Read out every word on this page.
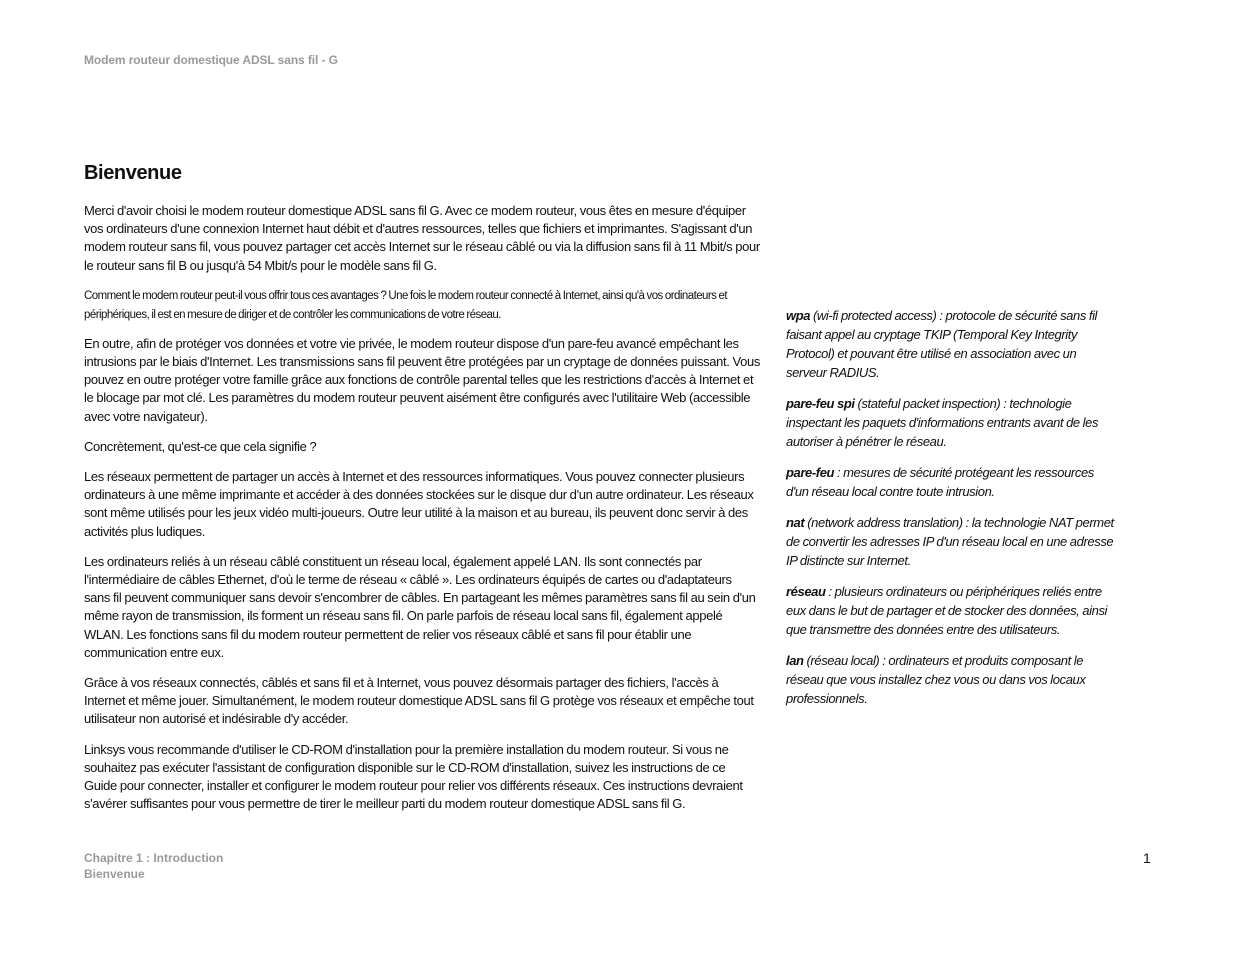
Modem routeur domestique ADSL sans fil - G
Bienvenue

Merci d'avoir choisi le modem routeur domestique ADSL sans fil G. Avec ce modem routeur, vous êtes en mesure d'équiper vos ordinateurs d'une connexion Internet haut débit et d'autres ressources, telles que fichiers et imprimantes. S'agissant d'un modem routeur sans fil, vous pouvez partager cet accès Internet sur le réseau câblé ou via la diffusion sans fil à 11 Mbit/s pour le routeur sans fil B ou jusqu'à 54 Mbit/s pour le modèle sans fil G.

Comment le modem routeur peut-il vous offrir tous ces avantages ? Une fois le modem routeur connecté à Internet, ainsi qu'à vos ordinateurs et périphériques, il est en mesure de diriger et de contrôler les communications de votre réseau.

En outre, afin de protéger vos données et votre vie privée, le modem routeur dispose d'un pare-feu avancé empêchant les intrusions par le biais d'Internet. Les transmissions sans fil peuvent être protégées par un cryptage de données puissant. Vous pouvez en outre protéger votre famille grâce aux fonctions de contrôle parental telles que les restrictions d'accès à Internet et le blocage par mot clé. Les paramètres du modem routeur peuvent aisément être configurés avec l'utilitaire Web (accessible avec votre navigateur).

Concrètement, qu'est-ce que cela signifie ?

Les réseaux permettent de partager un accès à Internet et des ressources informatiques. Vous pouvez connecter plusieurs ordinateurs à une même imprimante et accéder à des données stockées sur le disque dur d'un autre ordinateur. Les réseaux sont même utilisés pour les jeux vidéo multi-joueurs. Outre leur utilité à la maison et au bureau, ils peuvent donc servir à des activités plus ludiques.

Les ordinateurs reliés à un réseau câblé constituent un réseau local, également appelé LAN. Ils sont connectés par l'intermédiaire de câbles Ethernet, d'où le terme de réseau « câblé ». Les ordinateurs équipés de cartes ou d'adaptateurs sans fil peuvent communiquer sans devoir s'encombrer de câbles. En partageant les mêmes paramètres sans fil au sein d'un même rayon de transmission, ils forment un réseau sans fil. On parle parfois de réseau local sans fil, également appelé WLAN. Les fonctions sans fil du modem routeur permettent de relier vos réseaux câblé et sans fil pour établir une communication entre eux.

Grâce à vos réseaux connectés, câblés et sans fil et à Internet, vous pouvez désormais partager des fichiers, l'accès à Internet et même jouer. Simultanément, le modem routeur domestique ADSL sans fil G protège vos réseaux et empêche tout utilisateur non autorisé et indésirable d'y accéder.

Linksys vous recommande d'utiliser le CD-ROM d'installation pour la première installation du modem routeur. Si vous ne souhaitez pas exécuter l'assistant de configuration disponible sur le CD-ROM d'installation, suivez les instructions de ce Guide pour connecter, installer et configurer le modem routeur pour relier vos différents réseaux. Ces instructions devraient s'avérer suffisantes pour vous permettre de tirer le meilleur parti du modem routeur domestique ADSL sans fil G.

wpa (wi-fi protected access) : protocole de sécurité sans fil faisant appel au cryptage TKIP (Temporal Key Integrity Protocol) et pouvant être utilisé en association avec un serveur RADIUS.

pare-feu spi (stateful packet inspection) : technologie inspectant les paquets d'informations entrants avant de les autoriser à pénétrer le réseau.

pare-feu : mesures de sécurité protégeant les ressources d'un réseau local contre toute intrusion.

nat (network address translation) : la technologie NAT permet de convertir les adresses IP d'un réseau local en une adresse IP distincte sur Internet.

réseau : plusieurs ordinateurs ou périphériques reliés entre eux dans le but de partager et de stocker des données, ainsi que transmettre des données entre des utilisateurs.

lan (réseau local) : ordinateurs et produits composant le réseau que vous installez chez vous ou dans vos locaux professionnels.

Chapitre 1 : Introduction
Bienvenue
1
